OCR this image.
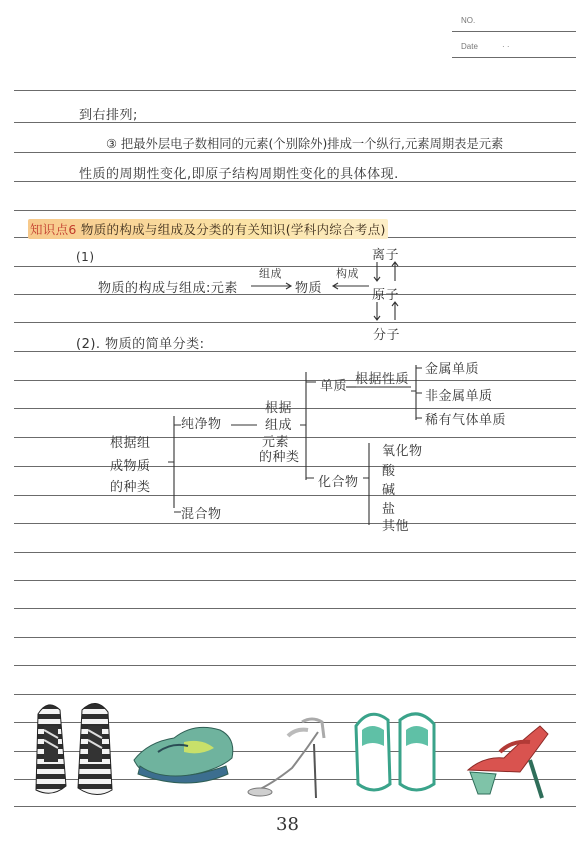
NO.
Date	· ·
到右排列;
③ 把最外层电子数相同的元素(个别除外)排成一个纵行,元素周期表是元素
性质的周期性变化,即原子结构周期性变化的具体体现.
知识点6 物质的构成与组成及分类的有关知识(学科内综合考点)
(1)
物质的构成与组成:元素
组成
物质
构成
离子
原子
分子
(2). 物质的简单分类:
根据组
成物质
的种类
纯净物
混合物
根据
组成
元素
的种类
单质
化合物
根据性质
金属单质
非金属单质
稀有气体单质
氧化物
酸
碱
盐
其他
38
